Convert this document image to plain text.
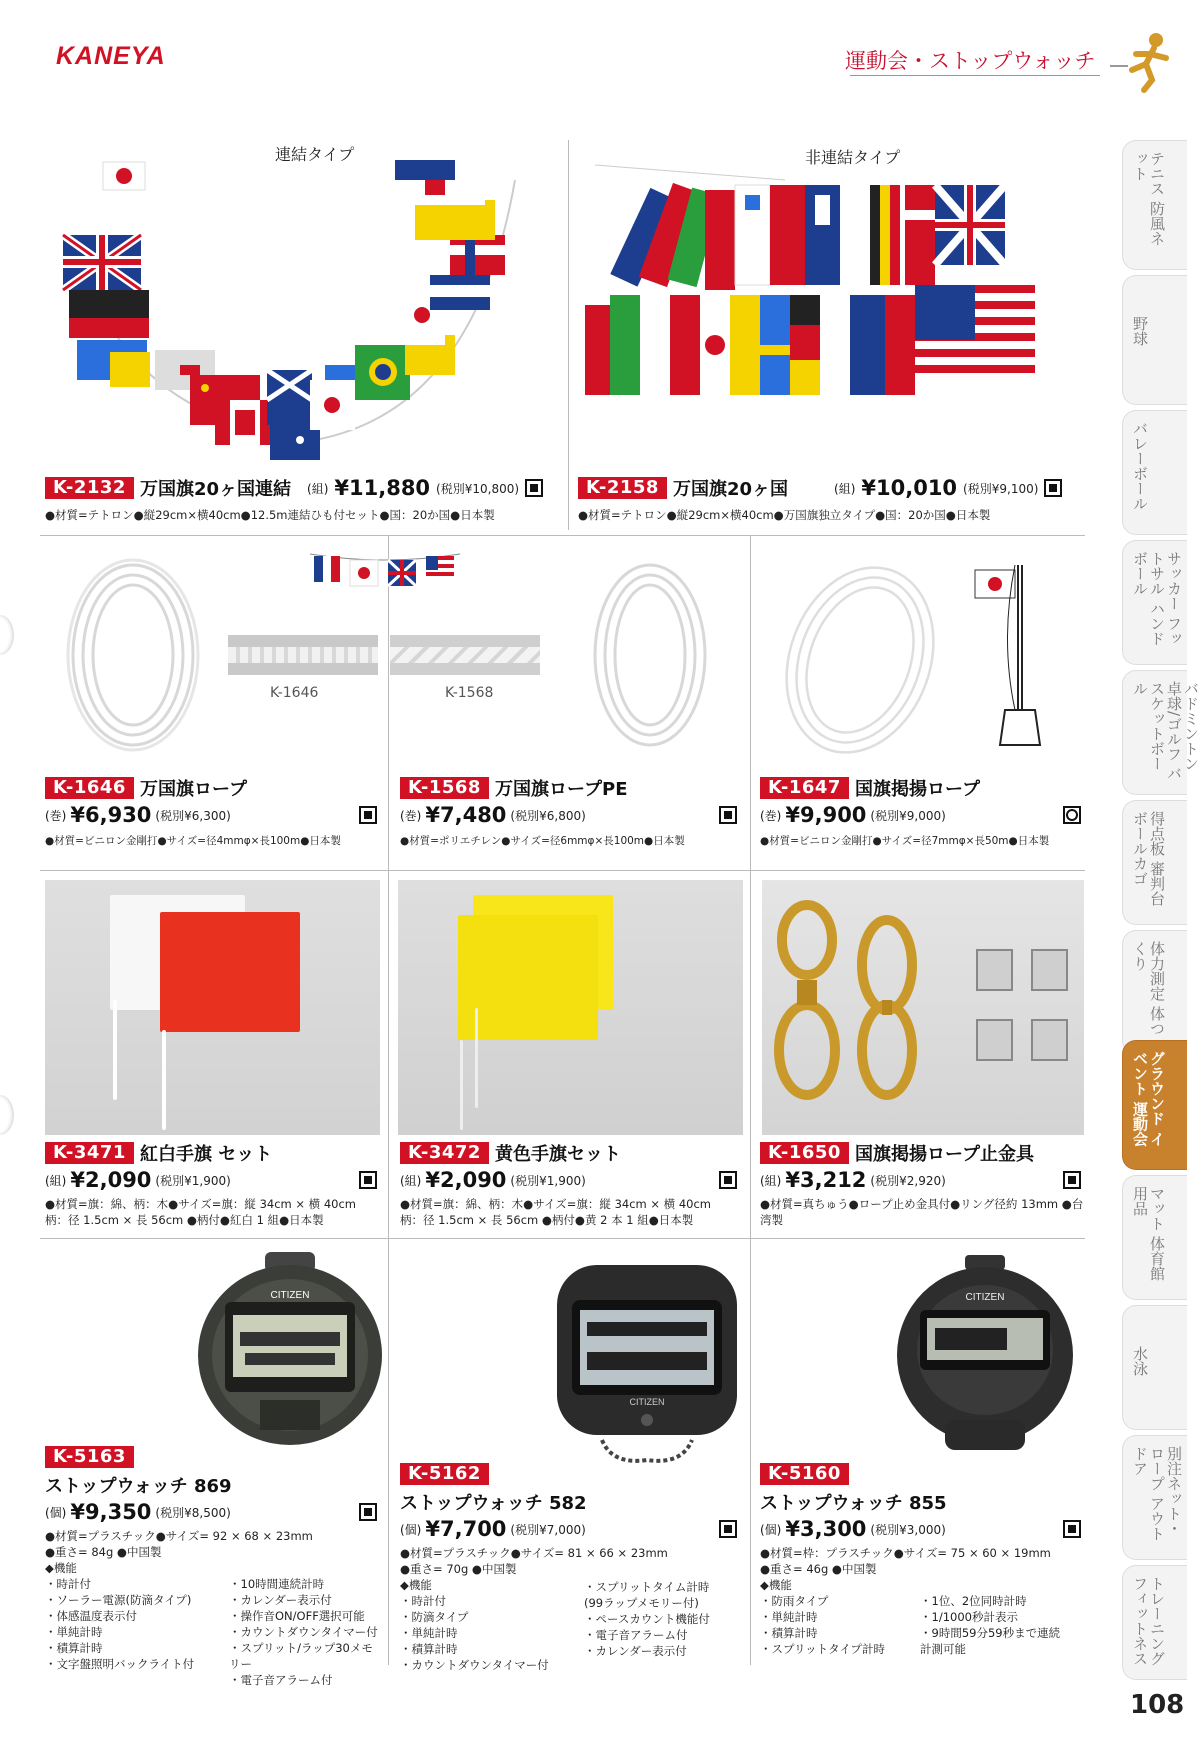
KANEYA	運動会・ストップウォッチ
テニス 防風ネット
野球
バレーボール
サッカー フットサル ハンドボール
バドミントン 卓球/ゴルフ バスケットボール
得点板 審判台 ボールカゴ
体力測定 体つくり
グラウンド イベント 運動会
マット 体育館用品
水泳
別注ネット・ロープ アウトドア
トレーニング フィットネス
108
連結タイプ	非連結タイプ
K-2132 万国旗20ヶ国連結 (組) ¥11,880 (税別¥10,800)
●材質=テトロン●縦29cm×横40cm●12.5m連結ひも付セット●国：20か国●日本製
K-2158 万国旗20ヶ国	(組) ¥10,010 (税別¥9,100)
●材質=テトロン●縦29cm×横40cm●万国旗独立タイプ●国：20か国●日本製
K-1646	K-1568
K-1646 万国旗ロープ
(巻) ¥6,930 (税別¥6,300)
●材質=ビニロン金剛打●サイズ=径4mmφ×長100m●日本製
K-1568 万国旗ロープPE
(巻) ¥7,480 (税別¥6,800)
●材質=ポリエチレン●サイズ=径6mmφ×長100m●日本製
K-1647 国旗掲揚ロープ
(巻) ¥9,900 (税別¥9,000)
●材質=ビニロン金剛打●サイズ=径7mmφ×長50m●日本製
K-3471 紅白手旗 セット
(組) ¥2,090 (税別¥1,900)
●材質=旗：綿、柄：木●サイズ=旗：縦 34cm × 横 40cm
柄：径 1.5cm × 長 56cm ●柄付●紅白 1 組●日本製
K-3472 黄色手旗セット
(組) ¥2,090 (税別¥1,900)
●材質=旗：綿、柄：木●サイズ=旗：縦 34cm × 横 40cm
柄：径 1.5cm × 長 56cm ●柄付●黄 2 本 1 組●日本製
K-1650 国旗掲揚ロープ止金具
(組) ¥3,212 (税別¥2,920)
●材質=真ちゅう●ロープ止め金具付●リング径約 13mm ●台
湾製
CITIZEN
CITIZEN
CITIZEN
K-5163
ストップウォッチ 869
(個) ¥9,350 (税別¥8,500)
●材質=プラスチック●サイズ= 92 × 68 × 23mm
●重さ= 84g ●中国製
◆機能
・時計付
・ソーラー電源(防滴タイプ)
・体感温度表示付
・単純計時
・積算計時
・文字盤照明バックライト付
・10時間連続計時
・カレンダー表示付
・操作音ON/OFF選択可能
・カウントダウンタイマー付
・スプリット/ラップ30メモリー
・電子音アラーム付
K-5162
ストップウォッチ 582
(個) ¥7,700 (税別¥7,000)
●材質=プラスチック●サイズ= 81 × 66 × 23mm
●重さ= 70g ●中国製
◆機能
・時計付
・防滴タイプ
・単純計時
・積算計時
・カウントダウンタイマー付
・スプリットタイム計時
(99ラップメモリー付)
・ペースカウント機能付
・電子音アラーム付
・カレンダー表示付
K-5160
ストップウォッチ 855
(個) ¥3,300 (税別¥3,000)
●材質=枠：プラスチック●サイズ= 75 × 60 × 19mm
●重さ= 46g ●中国製
◆機能
・防雨タイプ
・単純計時
・積算計時
・スプリットタイプ計時
・1位、2位同時計時
・1/1000秒計表示
・9時間59分59秒まで連続
計測可能
